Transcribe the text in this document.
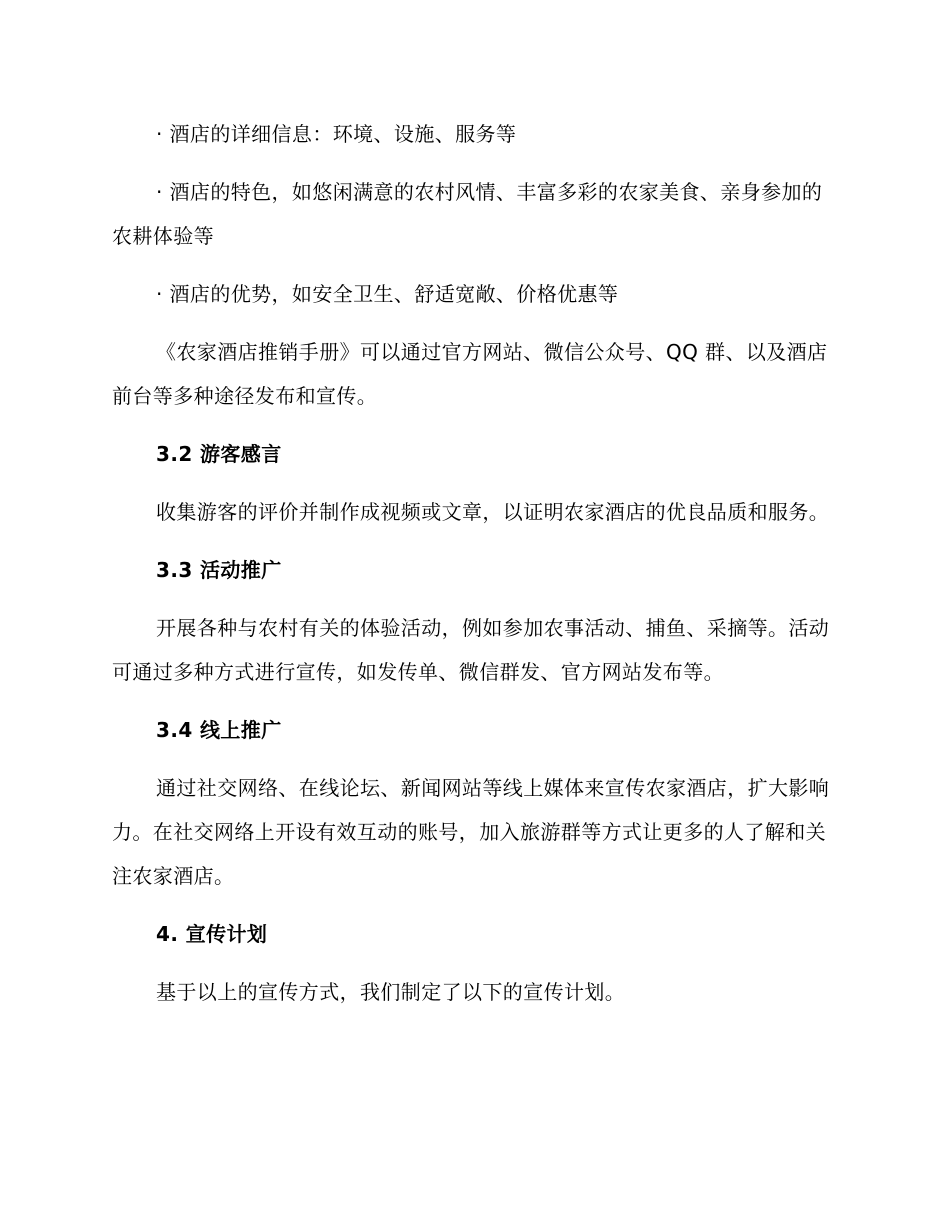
· 酒店的详细信息：环境、设施、服务等

· 酒店的特色，如悠闲满意的农村风情、丰富多彩的农家美食、亲身参加的农耕体验等

· 酒店的优势，如安全卫生、舒适宽敞、价格优惠等

《农家酒店推销手册》可以通过官方网站、微信公众号、QQ 群、以及酒店前台等多种途径发布和宣传。

3.2 游客感言

收集游客的评价并制作成视频或文章，以证明农家酒店的优良品质和服务。

3.3 活动推广

开展各种与农村有关的体验活动，例如参加农事活动、捕鱼、采摘等。活动可通过多种方式进行宣传，如发传单、微信群发、官方网站发布等。

3.4 线上推广

通过社交网络、在线论坛、新闻网站等线上媒体来宣传农家酒店，扩大影响力。在社交网络上开设有效互动的账号，加入旅游群等方式让更多的人了解和关注农家酒店。

4. 宣传计划

基于以上的宣传方式，我们制定了以下的宣传计划。
